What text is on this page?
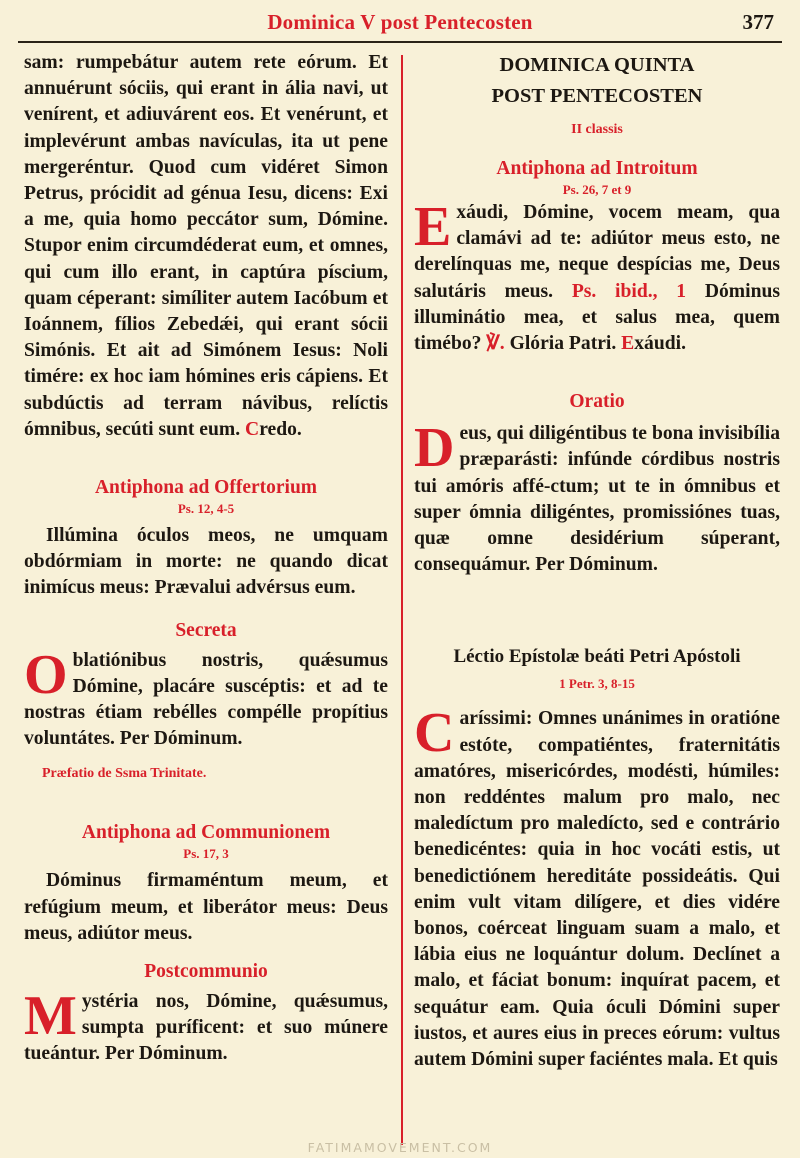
Dominica V post Pentecosten	377

sam: rumpebátur autem rete eórum. Et annuérunt sóciis, qui erant in ália navi, ut venírent, et adiuvárent eos. Et venérunt, et implevérunt ambas navículas, ita ut pene mergeréntur. Quod cum vidéret Simon Petrus, prócidit ad génua Iesu, dicens: Exi a me, quia homo peccátor sum, Dómine. Stupor enim circumdéderat eum, et omnes, qui cum illo erant, in captúra píscium, quam céperant: simíliter autem Iacóbum et Ioánnem, fílios Zebedǽi, qui erant sócii Simónis. Et ait ad Simónem Iesus: Noli timére: ex hoc iam hómines eris cápiens. Et subdúctis ad terram návibus, relíctis ómnibus, secúti sunt eum. Credo.

Antiphona ad Offertorium
Ps. 12, 4-5

Illúmina óculos meos, ne umquam obdórmiam in morte: ne quando dicat inimícus meus: Prævalui advérsus eum.

Secreta

Oblatiónibus nostris, quǽsumus Dómine, placáre suscéptis: et ad te nostras étiam rebélles compélle propítius voluntátes. Per Dóminum.

Præfatio de Ssma Trinitate.
Antiphona ad Communionem
Ps. 17, 3

Dóminus firmaméntum meum, et refúgium meum, et liberátor meus: Deus meus, adiútor meus.

Postcommunio

Mystéria nos, Dómine, quǽsumus, sumpta puríficent: et suo múnere tueántur. Per Dóminum.

DOMINICA QUINTA
POST PENTECOSTEN
II classis
Antiphona ad Introitum
Ps. 26, 7 et 9

Exáudi, Dómine, vocem meam, qua clamávi ad te: adiútor meus esto, ne derelínquas me, neque despícias me, Deus salutáris meus. Ps. ibid., 1 Dóminus illuminátio mea, et salus mea, quem timébo? ℣. Glória Patri. Exáudi.

Oratio

Deus, qui diligéntibus te bona invisibília præparásti: infúnde córdibus nostris tui amóris affé-ctum; ut te in ómnibus et super ómnia diligéntes, promissiónes tuas, quæ omne desidérium súperant, consequámur. Per Dóminum.

Léctio Epístolæ beáti Petri Apóstoli
1 Petr. 3, 8-15

Caríssimi: Omnes unánimes in oratióne estóte, compatiéntes, fraternitátis amatóres, misericórdes, modésti, húmiles: non reddéntes malum pro malo, nec maledíctum pro maledícto, sed e contrário benedicéntes: quia in hoc vocáti estis, ut benedictiónem hereditáte possideátis. Qui enim vult vitam dilígere, et dies vidére bonos, coérceat linguam suam a malo, et lábia eius ne loquántur dolum. Declínet a malo, et fáciat bonum: inquírat pacem, et sequátur eam. Quia óculi Dómini super iustos, et aures eius in preces eórum: vultus autem Dómini super faciéntes mala. Et quis

FATIMAMOVEMENT.COM
